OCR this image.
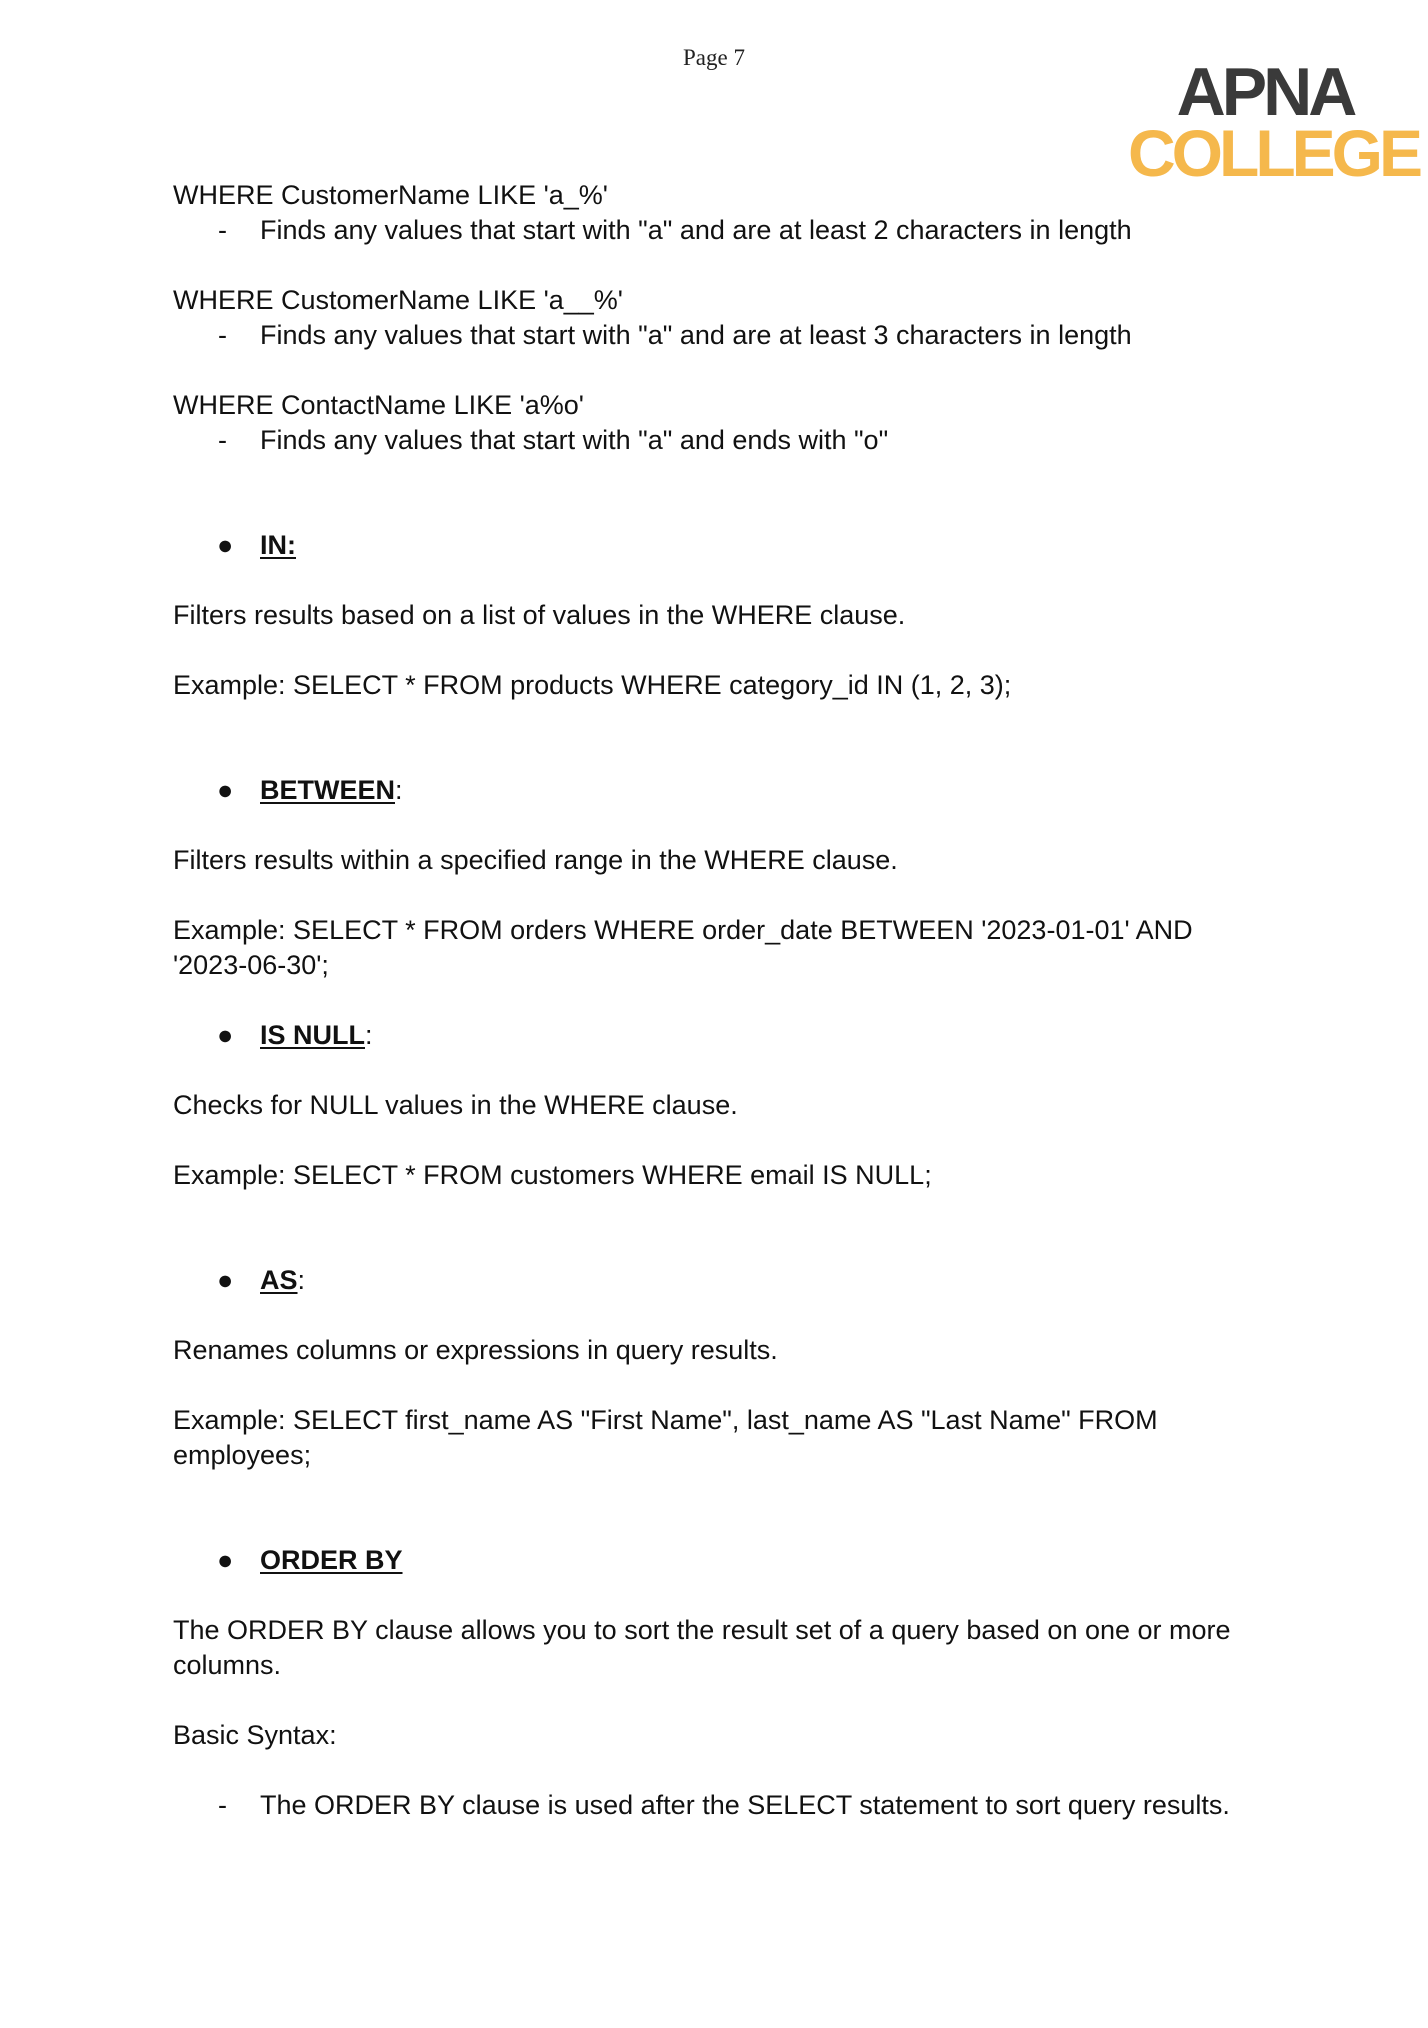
Page 7	APNA
COLLEGE

WHERE CustomerName LIKE 'a_%'

- Finds any values that start with "a" and are at least 2 characters in length

WHERE CustomerName LIKE 'a__%'

- Finds any values that start with "a" and are at least 3 characters in length

WHERE ContactName LIKE 'a%o'

- Finds any values that start with "a" and ends with "o"

● IN:

Filters results based on a list of values in the WHERE clause.

Example: SELECT * FROM products WHERE category_id IN (1, 2, 3);

● BETWEEN:

Filters results within a specified range in the WHERE clause.

Example: SELECT * FROM orders WHERE order_date BETWEEN '2023-01-01' AND

'2023-06-30';

● IS NULL:

Checks for NULL values in the WHERE clause.

Example: SELECT * FROM customers WHERE email IS NULL;

● AS:

Renames columns or expressions in query results.

Example: SELECT first_name AS "First Name", last_name AS "Last Name" FROM

employees;

● ORDER BY

The ORDER BY clause allows you to sort the result set of a query based on one or more

columns.

Basic Syntax:

- The ORDER BY clause is used after the SELECT statement to sort query results.
